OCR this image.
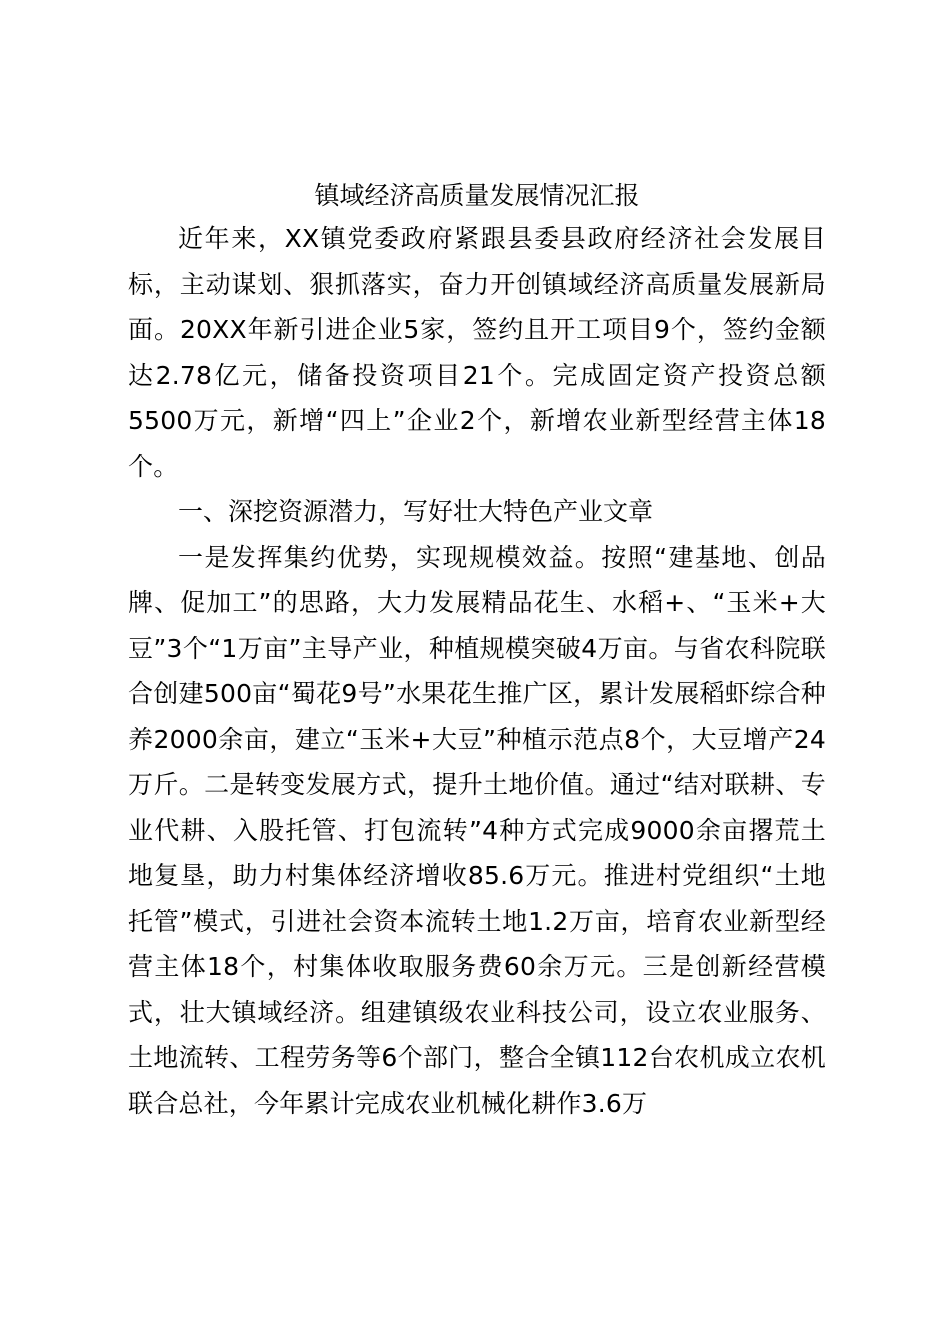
镇域经济高质量发展情况汇报

近年来，XX镇党委政府紧跟县委县政府经济社会发展目标，主动谋划、狠抓落实，奋力开创镇域经济高质量发展新局面。20XX年新引进企业5家，签约且开工项目9个，签约金额达2.78亿元，储备投资项目21个。完成固定资产投资总额5500万元，新增“四上”企业2个，新增农业新型经营主体18个。

一、深挖资源潜力，写好壮大特色产业文章

一是发挥集约优势，实现规模效益。按照“建基地、创品牌、促加工”的思路，大力发展精品花生、水稻+、“玉米+大豆”3个“1万亩”主导产业，种植规模突破4万亩。与省农科院联合创建500亩“蜀花9号”水果花生推广区，累计发展稻虾综合种养2000余亩，建立“玉米+大豆”种植示范点8个，大豆增产24万斤。二是转变发展方式，提升土地价值。通过“结对联耕、专业代耕、入股托管、打包流转”4种方式完成9000余亩撂荒土地复垦，助力村集体经济增收85.6万元。推进村党组织“土地托管”模式，引进社会资本流转土地1.2万亩，培育农业新型经营主体18个，村集体收取服务费60余万元。三是创新经营模式，壮大镇域经济。组建镇级农业科技公司，设立农业服务、土地流转、工程劳务等6个部门，整合全镇112台农机成立农机联合总社，今年累计完成农业机械化耕作3.6万
